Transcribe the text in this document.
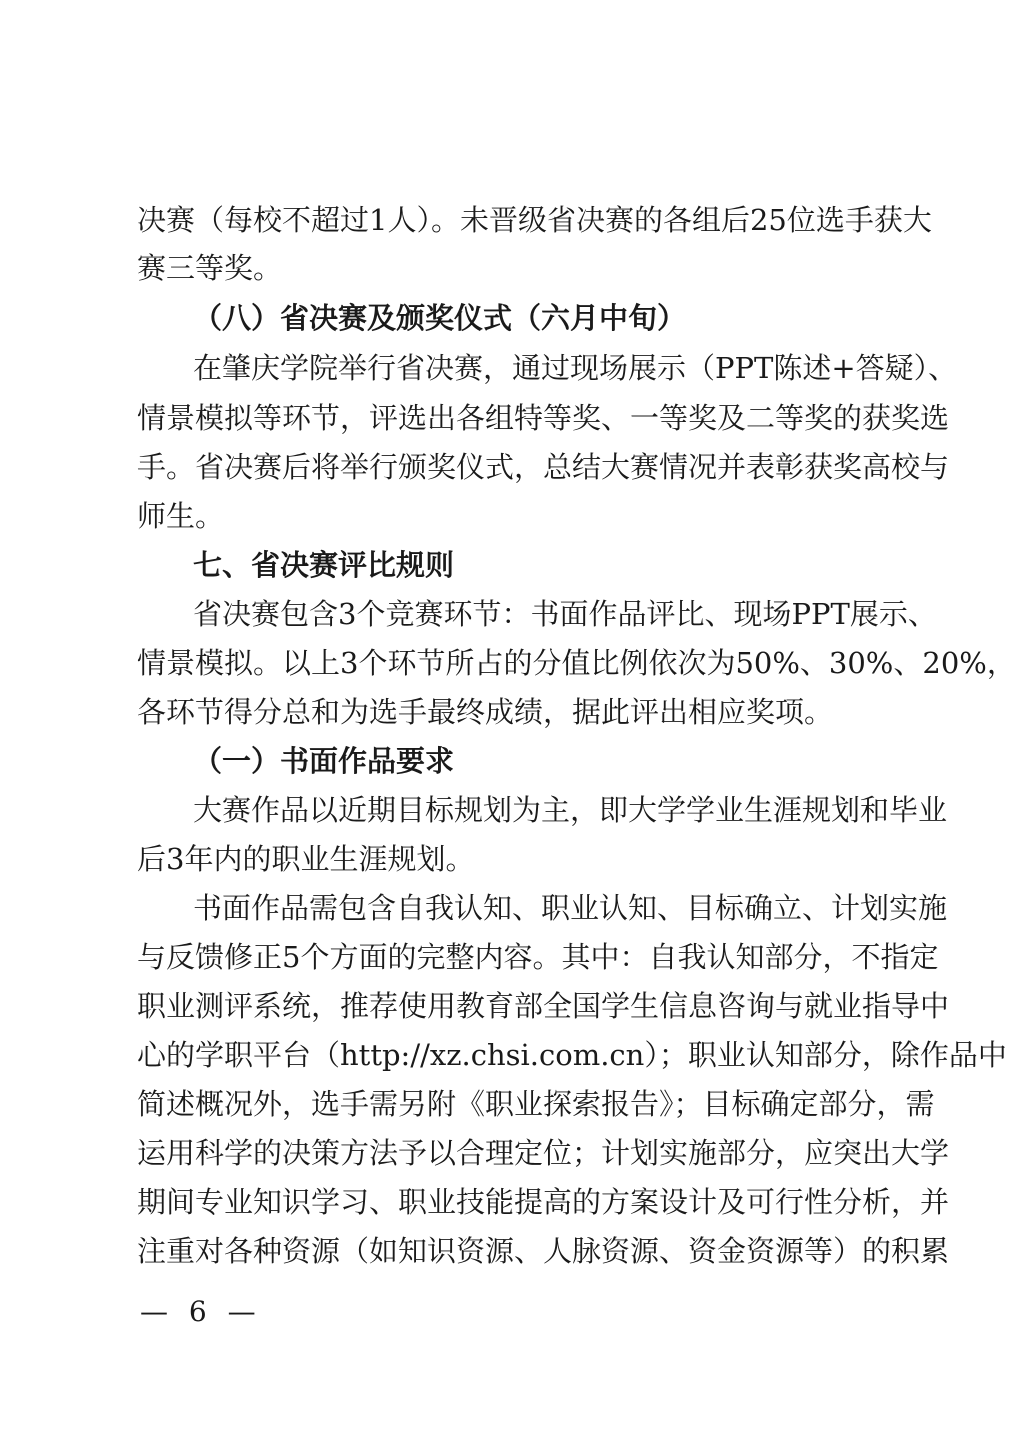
决赛（每校不超过1人）。未晋级省决赛的各组后25位选手获大
赛三等奖。
（八）省决赛及颁奖仪式（六月中旬）
在肇庆学院举行省决赛，通过现场展示（PPT陈述+答疑）、
情景模拟等环节，评选出各组特等奖、一等奖及二等奖的获奖选
手。省决赛后将举行颁奖仪式，总结大赛情况并表彰获奖高校与
师生。
七、省决赛评比规则
省决赛包含3个竞赛环节：书面作品评比、现场PPT展示、
情景模拟。以上3个环节所占的分值比例依次为50%、30%、20%，
各环节得分总和为选手最终成绩，据此评出相应奖项。
（一）书面作品要求
大赛作品以近期目标规划为主，即大学学业生涯规划和毕业
后3年内的职业生涯规划。
书面作品需包含自我认知、职业认知、目标确立、计划实施
与反馈修正5个方面的完整内容。其中：自我认知部分，不指定
职业测评系统，推荐使用教育部全国学生信息咨询与就业指导中
心的学职平台（http://xz.chsi.com.cn）；职业认知部分，除作品中
简述概况外，选手需另附《职业探索报告》；目标确定部分，需
运用科学的决策方法予以合理定位；计划实施部分，应突出大学
期间专业知识学习、职业技能提高的方案设计及可行性分析，并
注重对各种资源（如知识资源、人脉资源、资金资源等）的积累
— 6 —
